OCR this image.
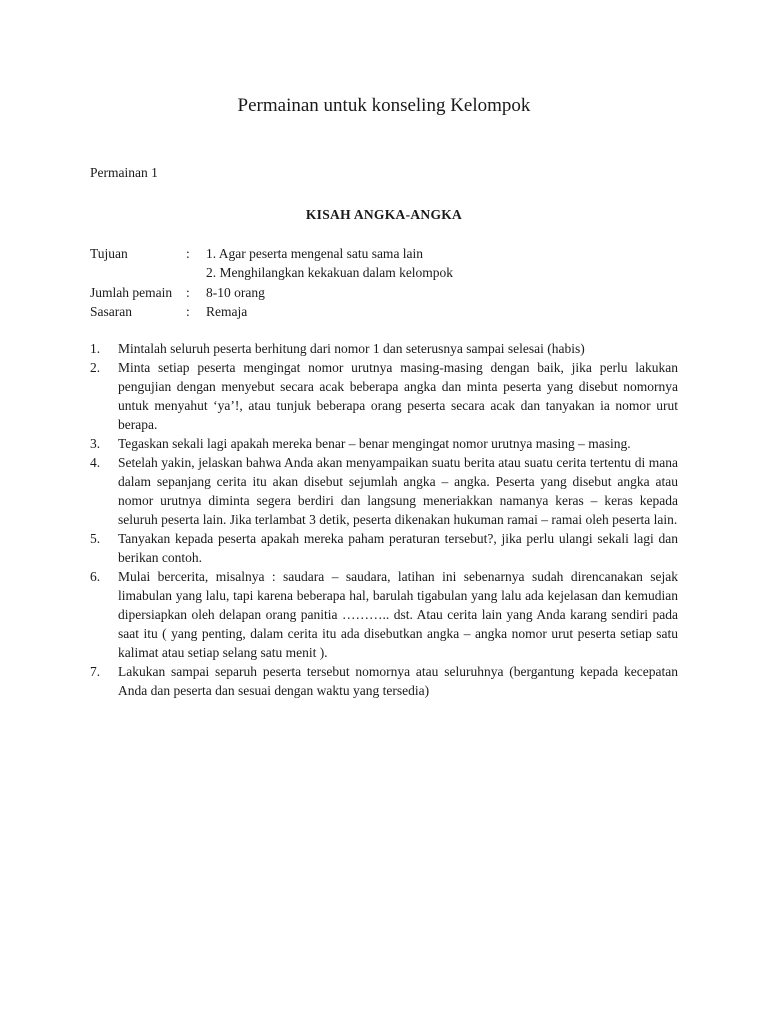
Permainan untuk konseling Kelompok
Permainan 1
KISAH ANGKA-ANGKA
Tujuan	:	1. Agar peserta mengenal satu sama lain
2. Menghilangkan kekakuan dalam kelompok
Jumlah pemain	:	8-10 orang
Sasaran	:	Remaja
1.	Mintalah seluruh peserta berhitung dari nomor 1 dan seterusnya sampai selesai (habis)
2.	Minta setiap peserta mengingat nomor urutnya masing-masing dengan baik, jika perlu lakukan pengujian dengan menyebut secara acak beberapa angka dan minta peserta yang disebut nomornya untuk menyahut ‘ya’!, atau tunjuk beberapa orang peserta secara acak dan tanyakan ia nomor urut berapa.
3.	Tegaskan sekali lagi apakah mereka benar – benar mengingat nomor urutnya masing – masing.
4.	Setelah yakin, jelaskan bahwa Anda akan menyampaikan suatu berita atau suatu cerita tertentu di mana dalam sepanjang cerita itu akan disebut sejumlah angka – angka. Peserta yang disebut angka atau nomor urutnya diminta segera berdiri dan langsung meneriakkan namanya keras – keras kepada seluruh peserta lain. Jika terlambat 3 detik, peserta dikenakan hukuman ramai – ramai oleh peserta lain.
5.	Tanyakan kepada peserta apakah mereka paham peraturan tersebut?, jika perlu ulangi sekali lagi dan berikan contoh.
6.	Mulai bercerita, misalnya : saudara – saudara, latihan ini sebenarnya sudah direncanakan sejak limabulan yang lalu, tapi karena beberapa hal, barulah tigabulan yang lalu ada kejelasan dan kemudian dipersiapkan oleh delapan orang panitia ……….. dst. Atau cerita lain yang Anda karang sendiri pada saat itu ( yang penting, dalam cerita itu ada disebutkan angka – angka nomor urut peserta setiap satu kalimat atau setiap selang satu menit ).
7.	Lakukan sampai separuh peserta tersebut nomornya atau seluruhnya (bergantung kepada kecepatan Anda dan peserta dan sesuai dengan waktu yang tersedia)
